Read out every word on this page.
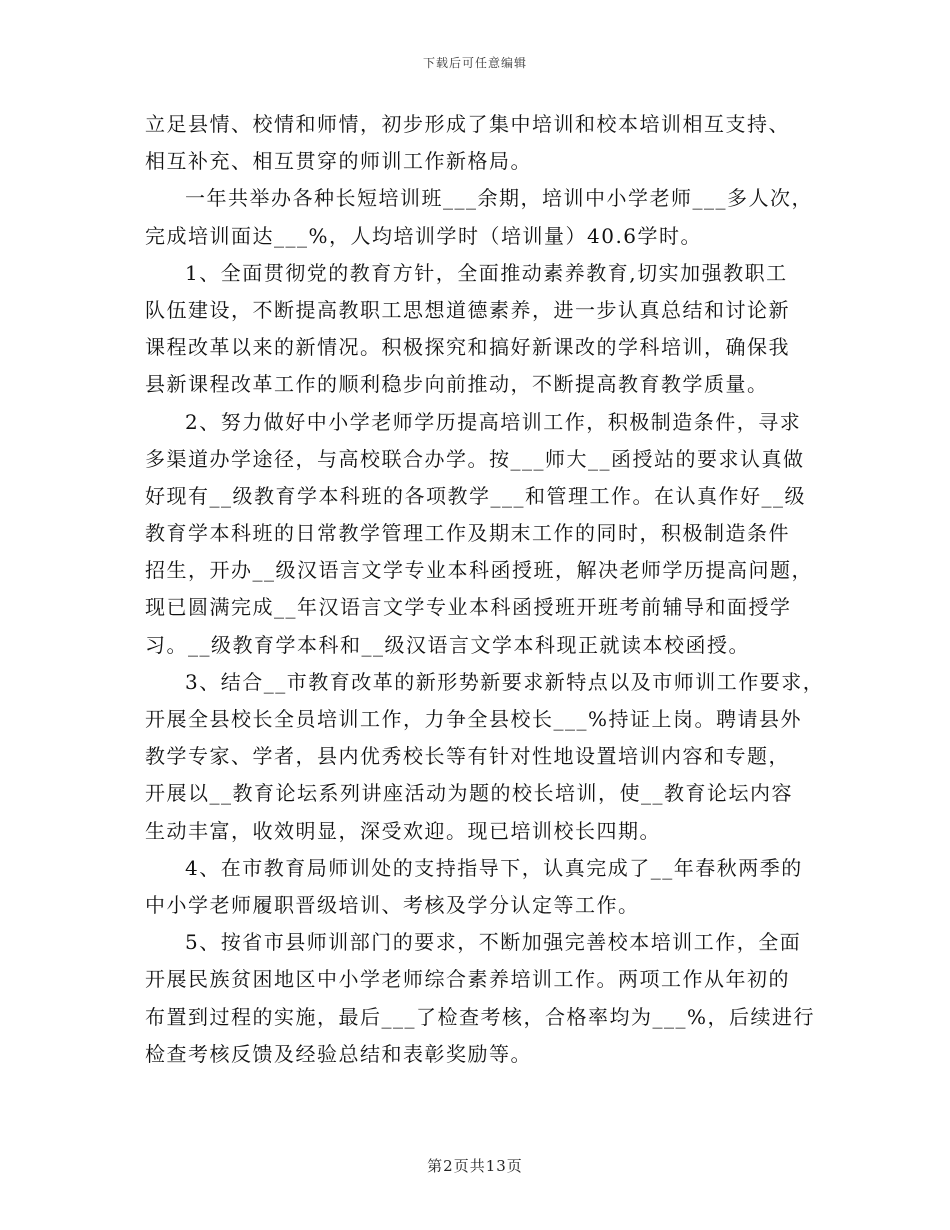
下载后可任意编辑
立足县情、校情和师情，初步形成了集中培训和校本培训相互支持、
相互补充、相互贯穿的师训工作新格局。
一年共举办各种长短培训班___余期，培训中小学老师___多人次，
完成培训面达___%，人均培训学时（培训量）40.6学时。
1、全面贯彻党的教育方针，全面推动素养教育,切实加强教职工
队伍建设，不断提高教职工思想道德素养，进一步认真总结和讨论新
课程改革以来的新情况。积极探究和搞好新课改的学科培训，确保我
县新课程改革工作的顺利稳步向前推动，不断提高教育教学质量。
2、努力做好中小学老师学历提高培训工作，积极制造条件，寻求
多渠道办学途径，与高校联合办学。按___师大__函授站的要求认真做
好现有__级教育学本科班的各项教学___和管理工作。在认真作好__级
教育学本科班的日常教学管理工作及期末工作的同时，积极制造条件
招生，开办__级汉语言文学专业本科函授班，解决老师学历提高问题，
现已圆满完成__年汉语言文学专业本科函授班开班考前辅导和面授学
习。__级教育学本科和__级汉语言文学本科现正就读本校函授。
3、结合__市教育改革的新形势新要求新特点以及市师训工作要求，
开展全县校长全员培训工作，力争全县校长___%持证上岗。聘请县外
教学专家、学者，县内优秀校长等有针对性地设置培训内容和专题，
开展以__教育论坛系列讲座活动为题的校长培训，使__教育论坛内容
生动丰富，收效明显，深受欢迎。现已培训校长四期。
4、在市教育局师训处的支持指导下，认真完成了__年春秋两季的
中小学老师履职晋级培训、考核及学分认定等工作。
5、按省市县师训部门的要求，不断加强完善校本培训工作，全面
开展民族贫困地区中小学老师综合素养培训工作。两项工作从年初的
布置到过程的实施，最后___了检查考核，合格率均为___%，后续进行
检查考核反馈及经验总结和表彰奖励等。
第2页共13页
